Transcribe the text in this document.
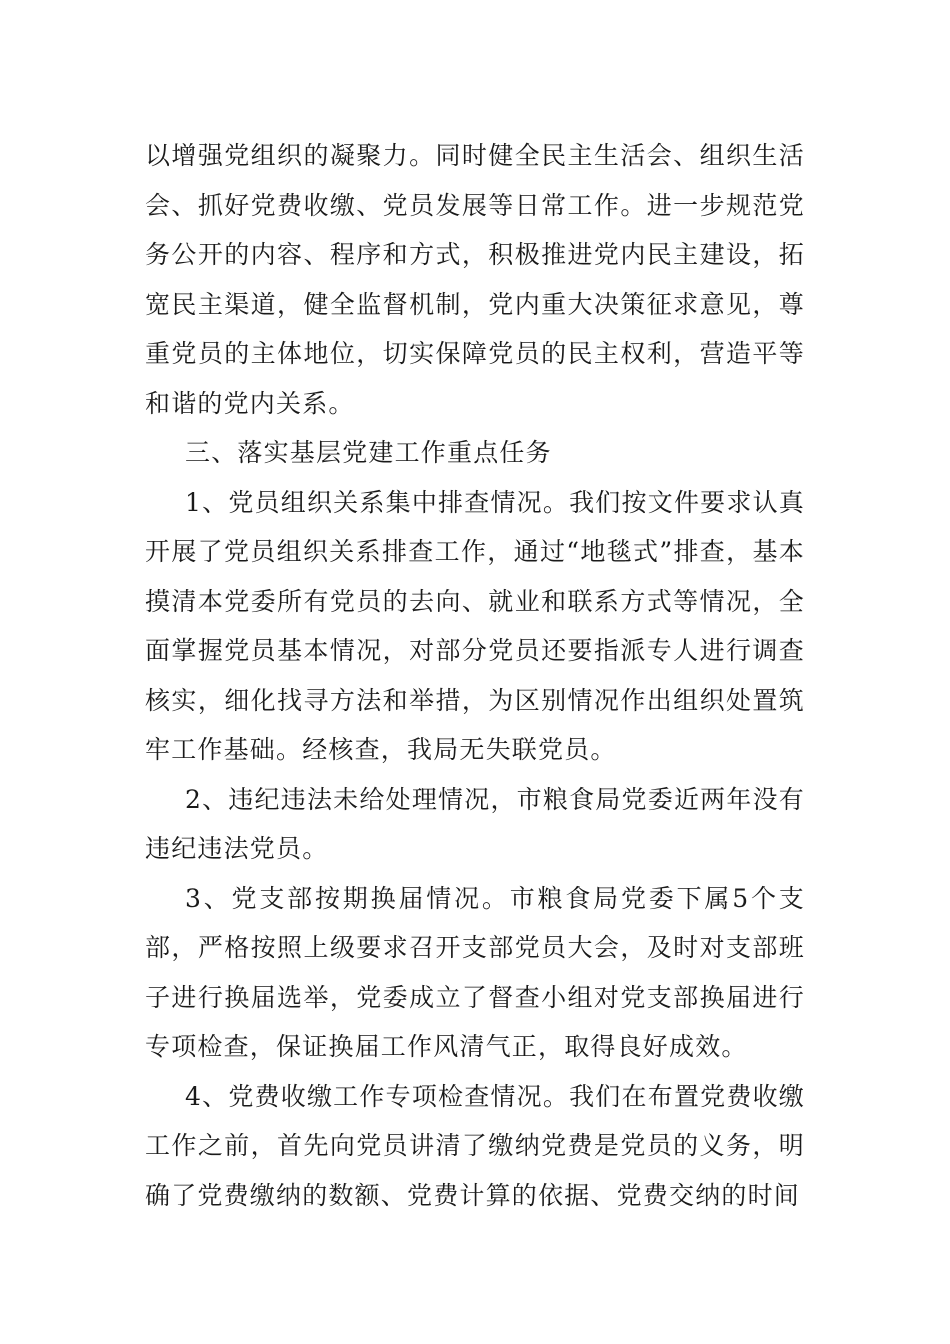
以增强党组织的凝聚力。同时健全民主生活会、组织生活会、抓好党费收缴、党员发展等日常工作。进一步规范党务公开的内容、程序和方式，积极推进党内民主建设，拓宽民主渠道，健全监督机制，党内重大决策征求意见，尊重党员的主体地位，切实保障党员的民主权利，营造平等和谐的党内关系。

三、落实基层党建工作重点任务

1、党员组织关系集中排查情况。我们按文件要求认真开展了党员组织关系排查工作，通过“地毯式”排查，基本摸清本党委所有党员的去向、就业和联系方式等情况，全面掌握党员基本情况，对部分党员还要指派专人进行调查核实，细化找寻方法和举措，为区别情况作出组织处置筑牢工作基础。经核查，我局无失联党员。

2、违纪违法未给处理情况，市粮食局党委近两年没有违纪违法党员。

3、党支部按期换届情况。市粮食局党委下属5个支部，严格按照上级要求召开支部党员大会，及时对支部班子进行换届选举，党委成立了督查小组对党支部换届进行专项检查，保证换届工作风清气正，取得良好成效。

4、党费收缴工作专项检查情况。我们在布置党费收缴工作之前，首先向党员讲清了缴纳党费是党员的义务，明确了党费缴纳的数额、党费计算的依据、党费交纳的时间
